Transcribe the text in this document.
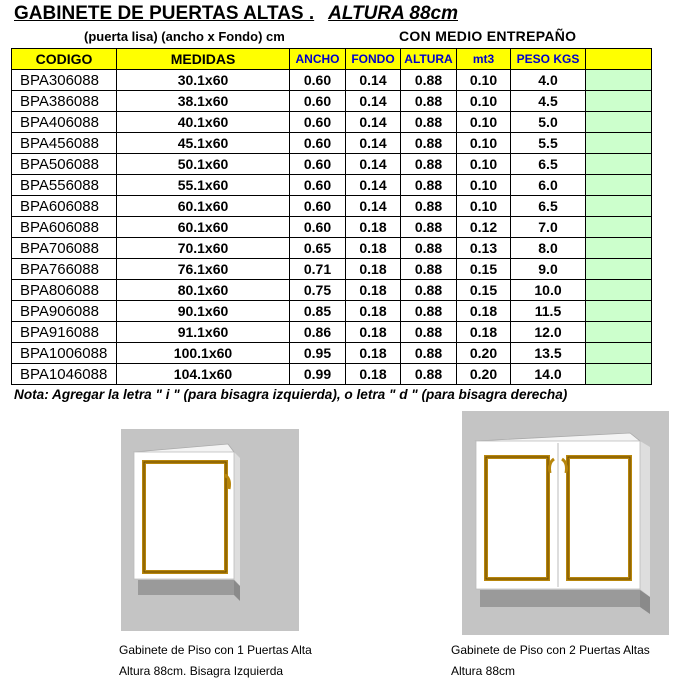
GABINETE DE PUERTAS ALTAS . ALTURA 88cm
(puerta lisa) (ancho x Fondo) cm	CON MEDIO ENTREPAÑO
CODIGO	MEDIDAS	ANCHO	FONDO	ALTURA	mt3	PESO KGS	
BPA306088	30.1x60	0.60	0.14	0.88	0.10	4.0	
BPA386088	38.1x60	0.60	0.14	0.88	0.10	4.5	
BPA406088	40.1x60	0.60	0.14	0.88	0.10	5.0	
BPA456088	45.1x60	0.60	0.14	0.88	0.10	5.5	
BPA506088	50.1x60	0.60	0.14	0.88	0.10	6.5	
BPA556088	55.1x60	0.60	0.14	0.88	0.10	6.0	
BPA606088	60.1x60	0.60	0.14	0.88	0.10	6.5	
BPA606088	60.1x60	0.60	0.18	0.88	0.12	7.0	
BPA706088	70.1x60	0.65	0.18	0.88	0.13	8.0	
BPA766088	76.1x60	0.71	0.18	0.88	0.15	9.0	
BPA806088	80.1x60	0.75	0.18	0.88	0.15	10.0	
BPA906088	90.1x60	0.85	0.18	0.88	0.18	11.5	
BPA916088	91.1x60	0.86	0.18	0.88	0.18	12.0	
BPA1006088	100.1x60	0.95	0.18	0.88	0.20	13.5	
BPA1046088	104.1x60	0.99	0.18	0.88	0.20	14.0	
Nota: Agregar la letra " i " (para bisagra izquierda), o letra " d " (para bisagra derecha)
Gabinete de Piso con 1 Puertas Alta
Altura 88cm. Bisagra Izquierda
Gabinete de Piso con 2 Puertas Altas
Altura 88cm
